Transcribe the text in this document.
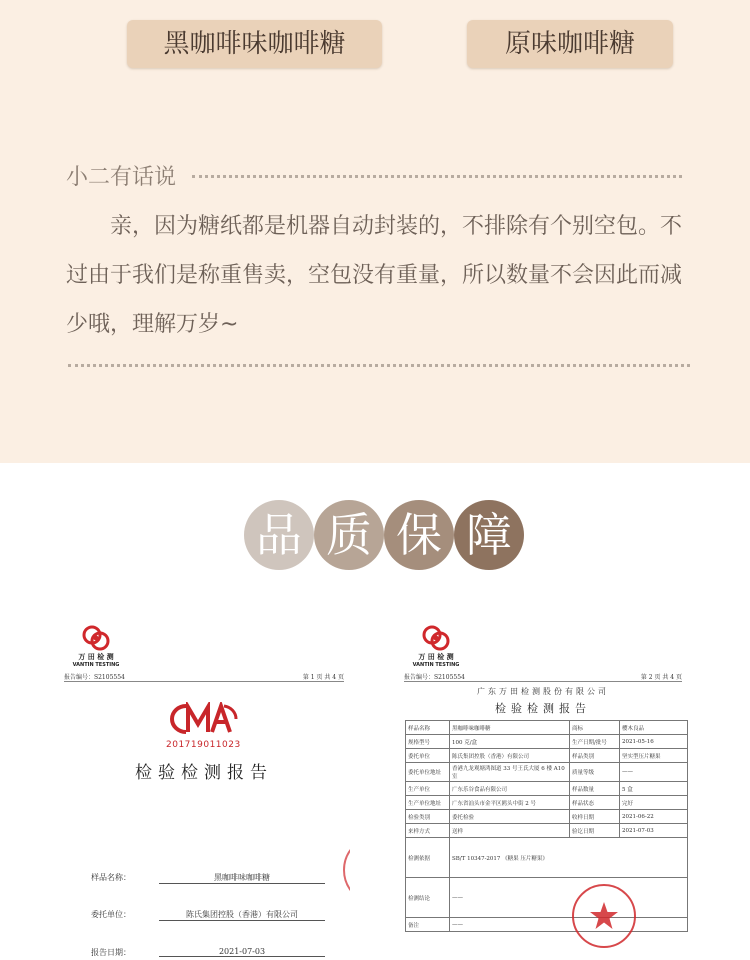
黑咖啡味咖啡糖	原味咖啡糖
小二有话说
亲，因为糖纸都是机器自动封装的，不排除有个别空包。不过由于我们是称重售卖，空包没有重量，所以数量不会因此而减少哦，理解万岁~
品 质 保 障
万 田 检 测
VANTIN TESTING
报告编号：S2105554	第 1 页 共 4 页
201719011023
检验检测报告
样品名称：	黑咖啡味咖啡糖
委托单位：	陈氏集团控股（香港）有限公司
报告日期：	2021-07-03
万 田 检 测
VANTIN TESTING
报告编号：S2105554	第 2 页 共 4 页
广东万田检测股份有限公司
检验检测报告
样品名称	黑咖啡味咖啡糖	商标	樱木良品
规格型号	100 克/盒	生产日期/批号	2021-05-16
委托单位	陈氏集团控股（香港）有限公司	样品类别	坚实型压片糖果
委托单位地址	香港九龙观塘鸿图道 33 号王氏大厦 6 楼 A10 室	质量等级	——
生产单位	广东乐谷食品有限公司	样品数量	5 盒
生产单位地址	广东省汕头市金平区鸥头中街 2 号	样品状态	完好
检验类别	委托检验	收样日期	2021-06-22
来样方式	送样	验讫日期	2021-07-03
检测依据	SB/T 10347-2017 《糖果 压片糖果》		
检测结论	——		
备注	——		
